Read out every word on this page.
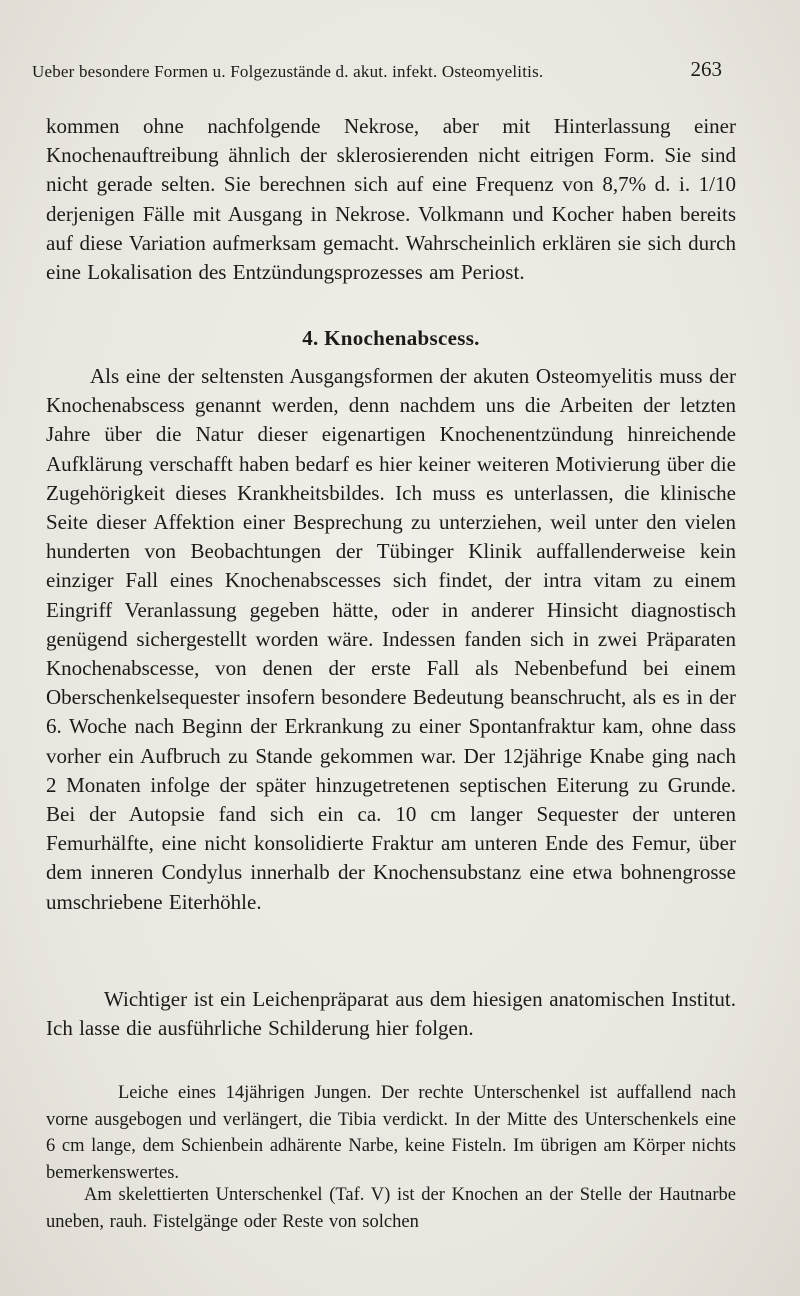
Ueber besondere Formen u. Folgezustände d. akut. infekt. Osteomyelitis.	263

kommen ohne nachfolgende Nekrose, aber mit Hinterlassung einer Knochenauftreibung ähnlich der sklerosierenden nicht eitrigen Form. Sie sind nicht gerade selten. Sie berechnen sich auf eine Frequenz von 8,7% d. i. 1/10 derjenigen Fälle mit Ausgang in Nekrose. Volkmann und Kocher haben bereits auf diese Variation aufmerksam gemacht. Wahrscheinlich erklären sie sich durch eine Lokalisation des Entzündungsprozesses am Periost.

4. Knochenabscess.

Als eine der seltensten Ausgangsformen der akuten Osteomyelitis muss der Knochenabscess genannt werden, denn nachdem uns die Arbeiten der letzten Jahre über die Natur dieser eigenartigen Knochenentzündung hinreichende Aufklärung verschafft haben bedarf es hier keiner weiteren Motivierung über die Zugehörigkeit dieses Krankheitsbildes. Ich muss es unterlassen, die klinische Seite dieser Affektion einer Besprechung zu unterziehen, weil unter den vielen hunderten von Beobachtungen der Tübinger Klinik auffallenderweise kein einziger Fall eines Knochenabscesses sich findet, der intra vitam zu einem Eingriff Veranlassung gegeben hätte, oder in anderer Hinsicht diagnostisch genügend sichergestellt worden wäre. Indessen fanden sich in zwei Präparaten Knochenabscesse, von denen der erste Fall als Nebenbefund bei einem Oberschenkelsequester insofern besondere Bedeutung beanschrucht, als es in der 6. Woche nach Beginn der Erkrankung zu einer Spontanfraktur kam, ohne dass vorher ein Aufbruch zu Stande gekommen war. Der 12jährige Knabe ging nach 2 Monaten infolge der später hinzugetretenen septischen Eiterung zu Grunde. Bei der Autopsie fand sich ein ca. 10 cm langer Sequester der unteren Femurhälfte, eine nicht konsolidierte Fraktur am unteren Ende des Femur, über dem inneren Condylus innerhalb der Knochensubstanz eine etwa bohnengrosse umschriebene Eiterhöhle.

Wichtiger ist ein Leichenpräparat aus dem hiesigen anatomischen Institut. Ich lasse die ausführliche Schilderung hier folgen.

Leiche eines 14jährigen Jungen. Der rechte Unterschenkel ist auffallend nach vorne ausgebogen und verlängert, die Tibia verdickt. In der Mitte des Unterschenkels eine 6 cm lange, dem Schienbein adhärente Narbe, keine Fisteln. Im übrigen am Körper nichts bemerkenswertes.

Am skelettierten Unterschenkel (Taf. V) ist der Knochen an der Stelle der Hautnarbe uneben, rauh. Fistelgänge oder Reste von solchen
